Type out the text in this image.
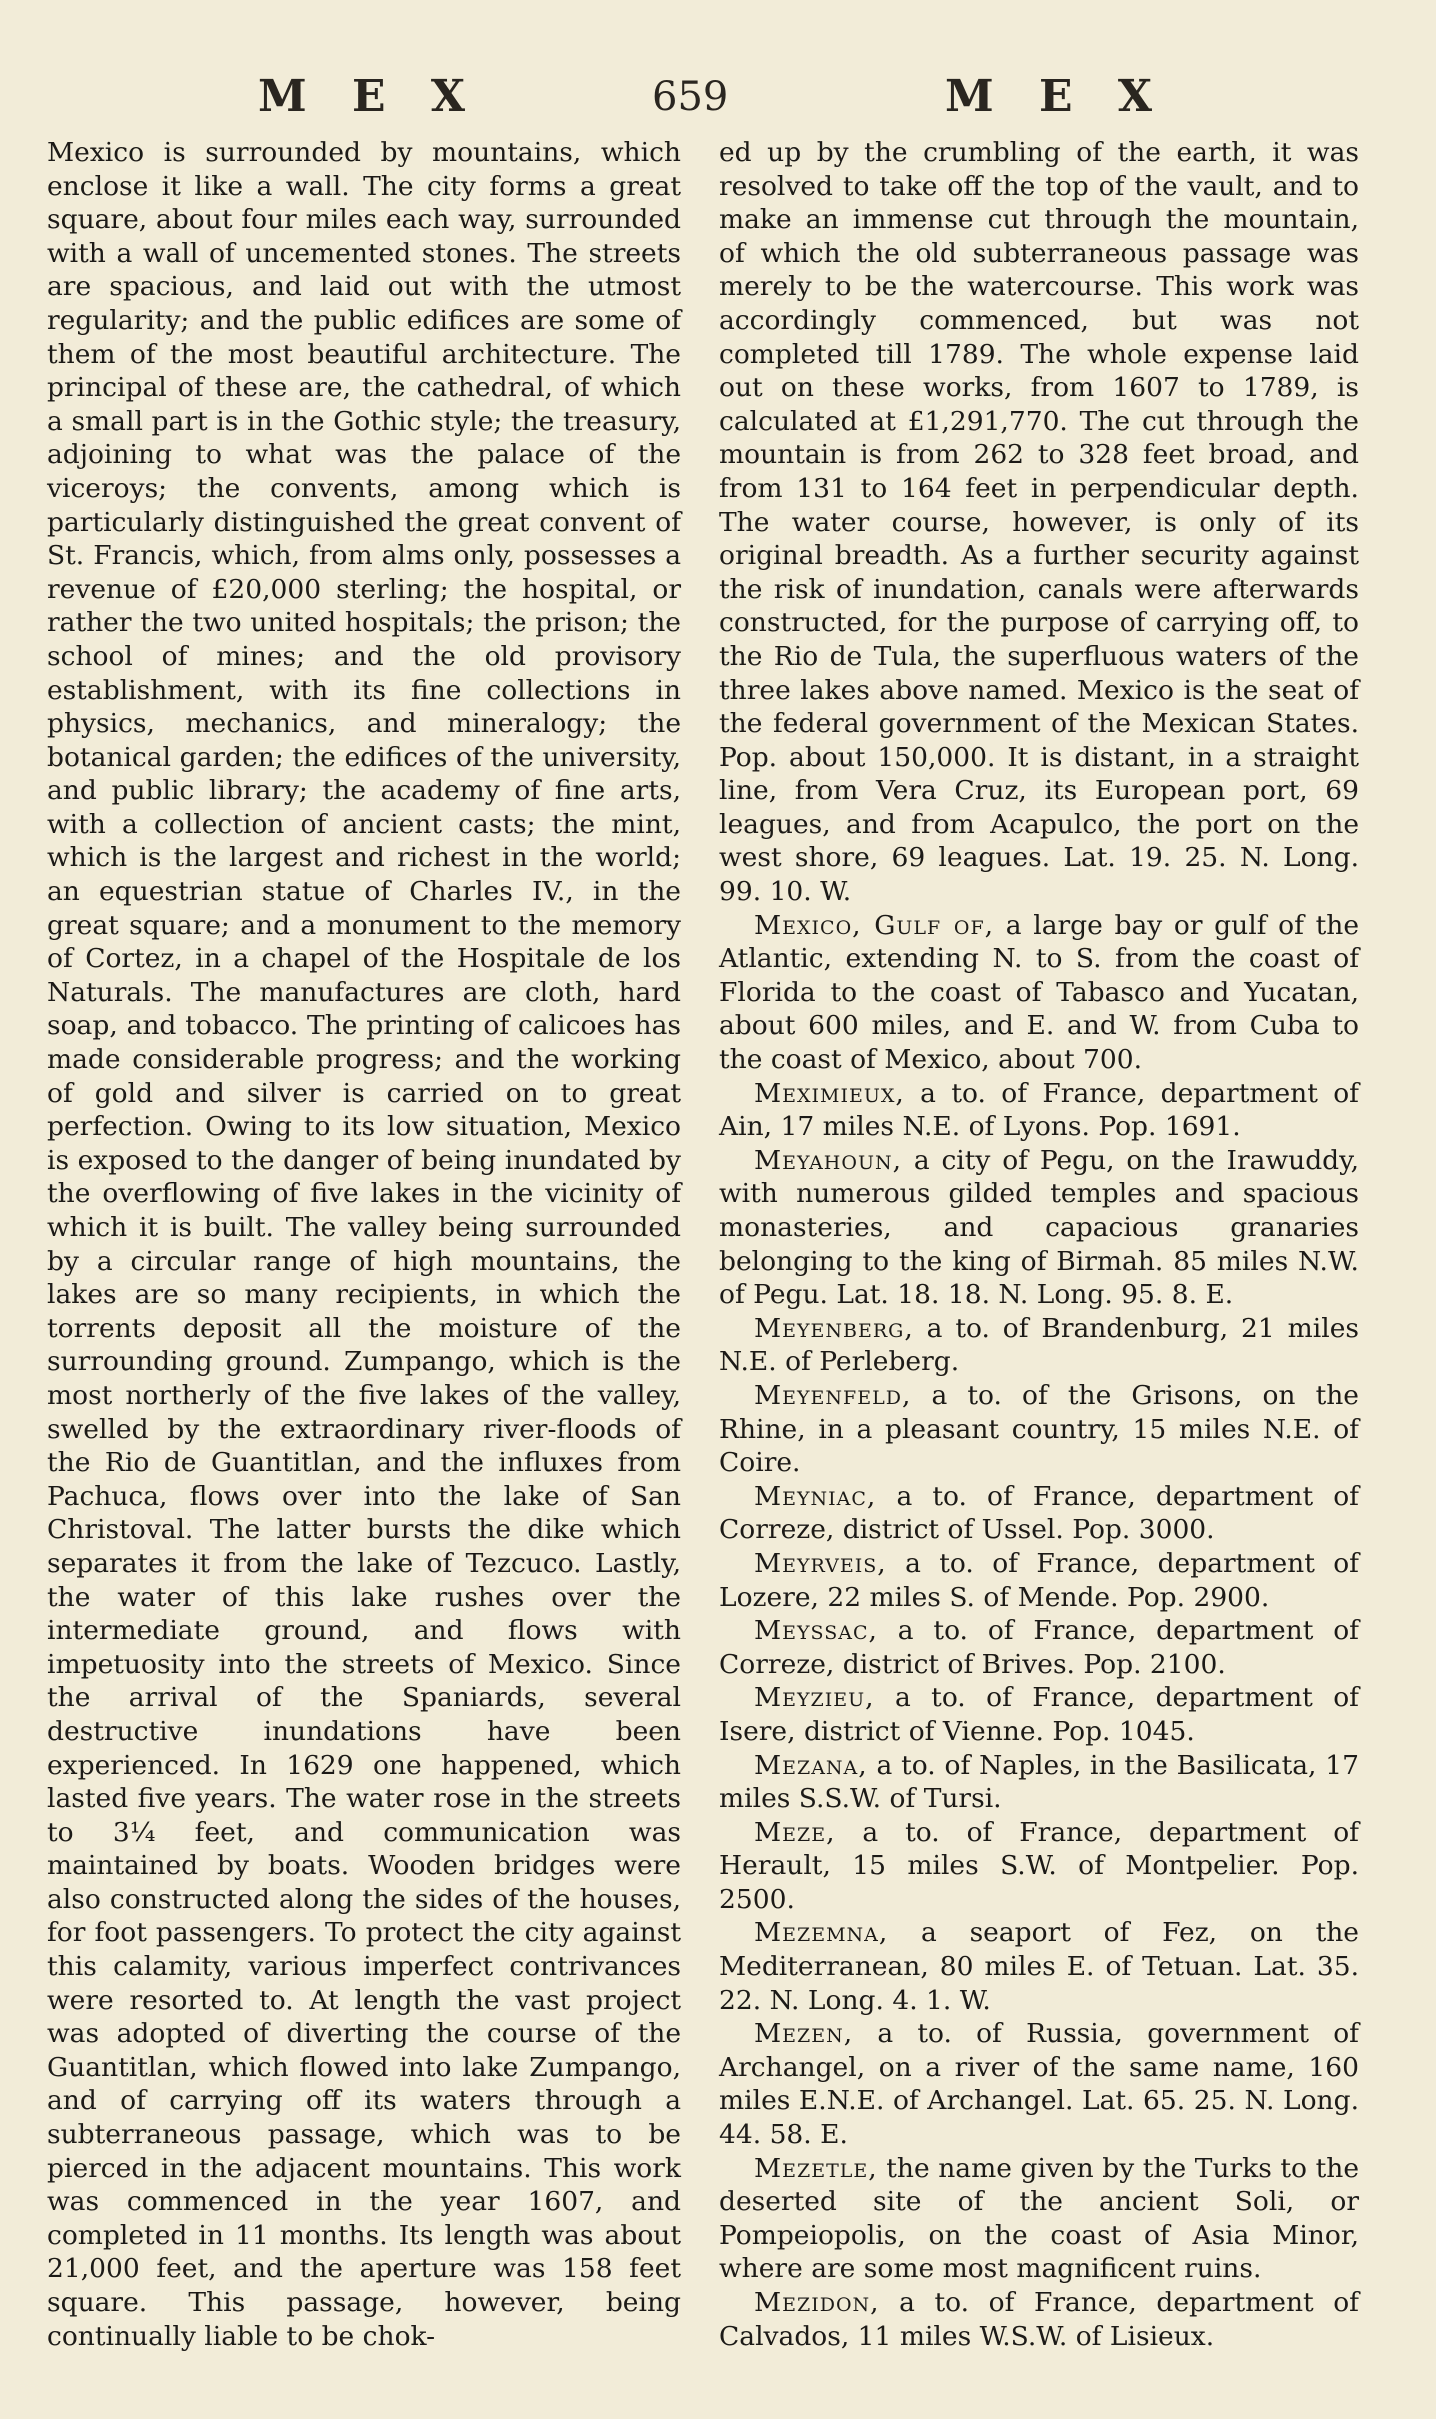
M E X	659	M E X

Mexico is surrounded by mountains, which enclose it like a wall. The city forms a great square, about four miles each way, surrounded with a wall of uncemented stones. The streets are spacious, and laid out with the utmost regularity; and the public edifices are some of them of the most beautiful architecture. The principal of these are, the cathedral, of which a small part is in the Gothic style; the treasury, adjoining to what was the palace of the viceroys; the convents, among which is particularly distinguished the great convent of St. Francis, which, from alms only, possesses a revenue of £20,000 sterling; the hospital, or rather the two united hospitals; the prison; the school of mines; and the old provisory establishment, with its fine collections in physics, mechanics, and mineralogy; the botanical garden; the edifices of the university, and public library; the academy of fine arts, with a collection of ancient casts; the mint, which is the largest and richest in the world; an equestrian statue of Charles IV., in the great square; and a monument to the memory of Cortez, in a chapel of the Hospitale de los Naturals. The manufactures are cloth, hard soap, and tobacco. The printing of calicoes has made considerable progress; and the working of gold and silver is carried on to great perfection. Owing to its low situation, Mexico is exposed to the danger of being inundated by the overflowing of five lakes in the vicinity of which it is built. The valley being surrounded by a circular range of high mountains, the lakes are so many recipients, in which the torrents deposit all the moisture of the surrounding ground. Zumpango, which is the most northerly of the five lakes of the valley, swelled by the extraordinary river-floods of the Rio de Guantitlan, and the influxes from Pachuca, flows over into the lake of San Christoval. The latter bursts the dike which separates it from the lake of Tezcuco. Lastly, the water of this lake rushes over the intermediate ground, and flows with impetuosity into the streets of Mexico. Since the arrival of the Spaniards, several destructive inundations have been experienced. In 1629 one happened, which lasted five years. The water rose in the streets to 3¼ feet, and communication was maintained by boats. Wooden bridges were also constructed along the sides of the houses, for foot passengers. To protect the city against this calamity, various imperfect contrivances were resorted to. At length the vast project was adopted of diverting the course of the Guantitlan, which flowed into lake Zumpango, and of carrying off its waters through a subterraneous passage, which was to be pierced in the adjacent mountains. This work was commenced in the year 1607, and completed in 11 months. Its length was about 21,000 feet, and the aperture was 158 feet square. This passage, however, being continually liable to be chok-

ed up by the crumbling of the earth, it was resolved to take off the top of the vault, and to make an immense cut through the mountain, of which the old subterraneous passage was merely to be the watercourse. This work was accordingly commenced, but was not completed till 1789. The whole expense laid out on these works, from 1607 to 1789, is calculated at £1,291,770. The cut through the mountain is from 262 to 328 feet broad, and from 131 to 164 feet in perpendicular depth. The water course, however, is only of its original breadth. As a further security against the risk of inundation, canals were afterwards constructed, for the purpose of carrying off, to the Rio de Tula, the superfluous waters of the three lakes above named. Mexico is the seat of the federal government of the Mexican States. Pop. about 150,000. It is distant, in a straight line, from Vera Cruz, its European port, 69 leagues, and from Acapulco, the port on the west shore, 69 leagues. Lat. 19. 25. N. Long. 99. 10. W.

Mexico, Gulf of, a large bay or gulf of the Atlantic, extending N. to S. from the coast of Florida to the coast of Tabasco and Yucatan, about 600 miles, and E. and W. from Cuba to the coast of Mexico, about 700.

Meximieux, a to. of France, department of Ain, 17 miles N.E. of Lyons. Pop. 1691.

Meyahoun, a city of Pegu, on the Irawuddy, with numerous gilded temples and spacious monasteries, and capacious granaries belonging to the king of Birmah. 85 miles N.W. of Pegu. Lat. 18. 18. N. Long. 95. 8. E.

Meyenberg, a to. of Brandenburg, 21 miles N.E. of Perleberg.

Meyenfeld, a to. of the Grisons, on the Rhine, in a pleasant country, 15 miles N.E. of Coire.

Meyniac, a to. of France, department of Correze, district of Ussel. Pop. 3000.

Meyrveis, a to. of France, department of Lozere, 22 miles S. of Mende. Pop. 2900.

Meyssac, a to. of France, department of Correze, district of Brives. Pop. 2100.

Meyzieu, a to. of France, department of Isere, district of Vienne. Pop. 1045.

Mezana, a to. of Naples, in the Basilicata, 17 miles S.S.W. of Tursi.

Meze, a to. of France, department of Herault, 15 miles S.W. of Montpelier. Pop. 2500.

Mezemna, a seaport of Fez, on the Mediterranean, 80 miles E. of Tetuan. Lat. 35. 22. N. Long. 4. 1. W.

Mezen, a to. of Russia, government of Archangel, on a river of the same name, 160 miles E.N.E. of Archangel. Lat. 65. 25. N. Long. 44. 58. E.

Mezetle, the name given by the Turks to the deserted site of the ancient Soli, or Pompeiopolis, on the coast of Asia Minor, where are some most magnificent ruins.

Mezidon, a to. of France, department of Calvados, 11 miles W.S.W. of Lisieux.
